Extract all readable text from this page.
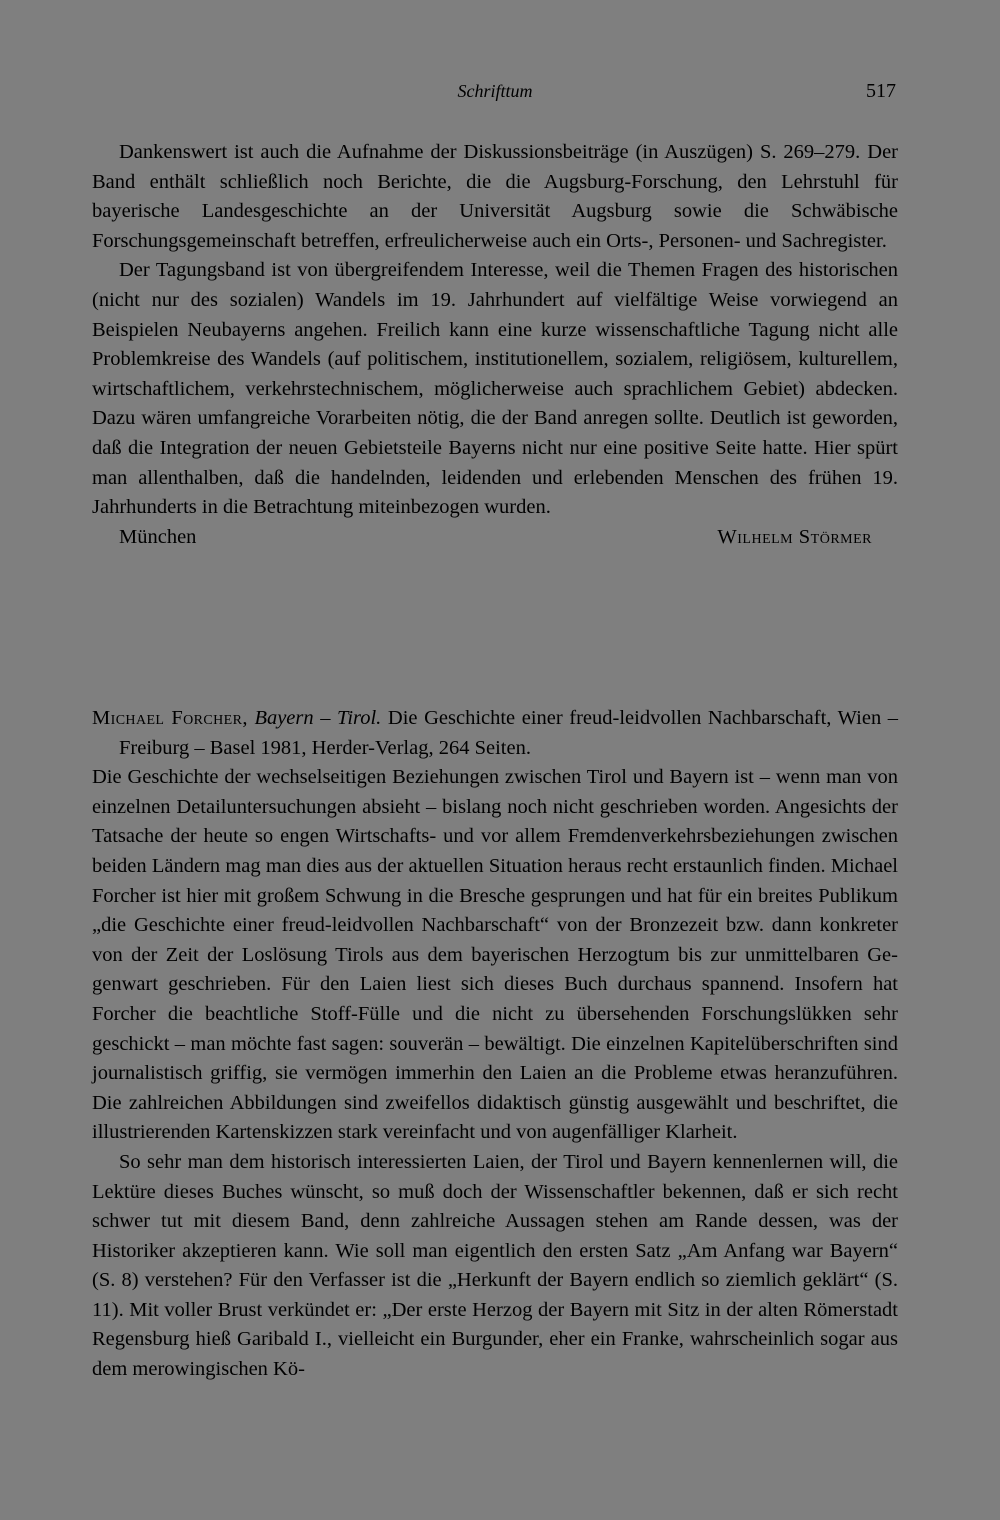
Schrifttum	517

Dankenswert ist auch die Aufnahme der Diskussionsbeiträge (in Auszügen) S. 269–279. Der Band enthält schließlich noch Berichte, die die Augsburg-Forschung, den Lehrstuhl für bayerische Landesgeschichte an der Universität Augsburg sowie die Schwäbische Forschungsgemeinschaft betreffen, erfreulicherweise auch ein Orts-, Personen- und Sachregister.

Der Tagungsband ist von übergreifendem Interesse, weil die Themen Fragen des historischen (nicht nur des sozialen) Wandels im 19. Jahrhundert auf vielfältige Weise vorwiegend an Beispielen Neubayerns angehen. Freilich kann eine kurze wissenschaftliche Tagung nicht alle Problemkreise des Wandels (auf politischem, institutionellem, sozialem, religiösem, kulturellem, wirtschaftlichem, verkehrstechnischem, möglicherweise auch sprachlichem Gebiet) abdecken. Dazu wären umfangreiche Vorarbeiten nötig, die der Band anregen sollte. Deutlich ist geworden, daß die Integration der neuen Gebietsteile Bayerns nicht nur eine positive Seite hatte. Hier spürt man allenthalben, daß die handelnden, leidenden und erlebenden Menschen des frühen 19. Jahrhunderts in die Betrachtung miteinbezogen wurden.

München	Wilhelm Störmer

Michael Forcher, Bayern – Tirol. Die Geschichte einer freud-leidvollen Nachbarschaft, Wien – Freiburg – Basel 1981, Herder-Verlag, 264 Seiten.

Die Geschichte der wechselseitigen Beziehungen zwischen Tirol und Bayern ist – wenn man von einzelnen Detailuntersuchungen absieht – bislang noch nicht geschrieben worden. Angesichts der Tatsache der heute so engen Wirtschafts- und vor allem Fremdenverkehrsbeziehungen zwischen beiden Ländern mag man dies aus der aktuellen Situation heraus recht erstaunlich finden. Michael Forcher ist hier mit großem Schwung in die Bresche gesprungen und hat für ein breites Publikum „die Geschichte einer freud-leidvollen Nachbarschaft“ von der Bronzezeit bzw. dann konkreter von der Zeit der Loslösung Tirols aus dem bayerischen Herzogtum bis zur unmittelbaren Gegenwart geschrieben. Für den Laien liest sich dieses Buch durchaus spannend. Insofern hat Forcher die beachtliche Stoff-Fülle und die nicht zu übersehenden Forschungslükken sehr geschickt – man möchte fast sagen: souverän – bewältigt. Die einzelnen Kapitelüberschriften sind journalistisch griffig, sie vermögen immerhin den Laien an die Probleme etwas heranzuführen. Die zahlreichen Abbildungen sind zweifellos didaktisch günstig ausgewählt und beschriftet, die illustrierenden Kartenskizzen stark vereinfacht und von augenfälliger Klarheit.

So sehr man dem historisch interessierten Laien, der Tirol und Bayern kennenlernen will, die Lektüre dieses Buches wünscht, so muß doch der Wissenschaftler bekennen, daß er sich recht schwer tut mit diesem Band, denn zahlreiche Aussagen stehen am Rande dessen, was der Historiker akzeptieren kann. Wie soll man eigentlich den ersten Satz „Am Anfang war Bayern“ (S. 8) verstehen? Für den Verfasser ist die „Herkunft der Bayern endlich so ziemlich geklärt“ (S. 11). Mit voller Brust verkündet er: „Der erste Herzog der Bayern mit Sitz in der alten Römerstadt Regensburg hieß Garibald I., vielleicht ein Burgunder, eher ein Franke, wahrscheinlich sogar aus dem merowingischen Kö-
